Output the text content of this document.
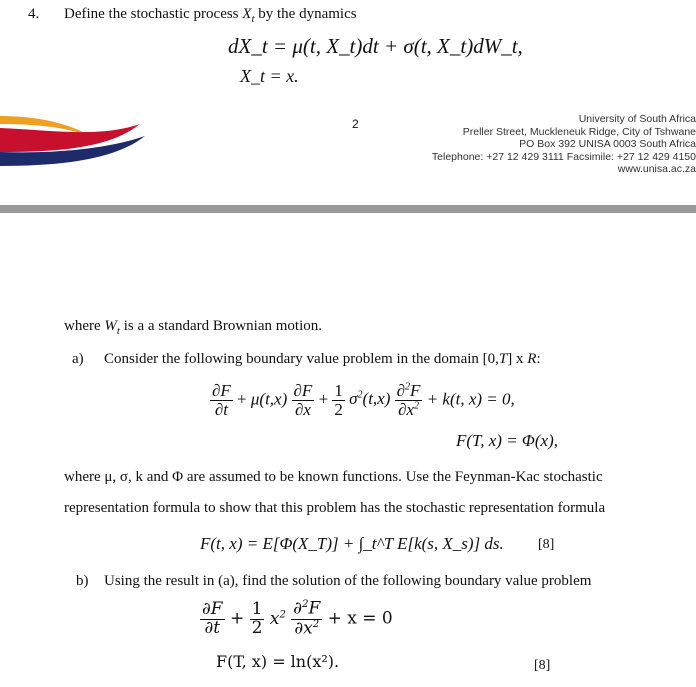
4. Define the stochastic process $X_t$ by the dynamics
dX_t = μ(t, X_t)dt + σ(t, X_t)dW_t,
X_t = x.
2	University of South Africa
Preller Street, Muckleneuk Ridge, City of Tshwane
PO Box 392 UNISA 0003 South Africa
Telephone: +27 12 429 3111 Facsimile: +27 12 429 4150
www.unisa.ac.za
where $W_t$ is a a standard Brownian motion.
a) Consider the following boundary value problem in the domain [0,T] x R:
$\frac{\partial F}{\partial t} + \mu(t,x) \frac{\partial F}{\partial x} + \frac{1}{2} \sigma^2(t,x) \frac{\partial^2F}{\partial x^2} + k(t$, x) = 0,
F(T, x) = Φ(x),
where μ, σ, k and Φ are assumed to be known functions. Use the Feynman-Kac stochastic
representation formula to show that this problem has the stochastic representation formula
F(t, x) = E[Φ(X_T)] + ∫_t^T E[k(s, X_s)] ds. [8]
b) Using the result in (a), find the solution of the following boundary value problem
$\frac{\partial F}{\partial t} + \frac{1}{2} x^2 \frac{\partial^2F}{\partial x^2} + x = 0$
F(T, x) = ln(x²).	[8]
